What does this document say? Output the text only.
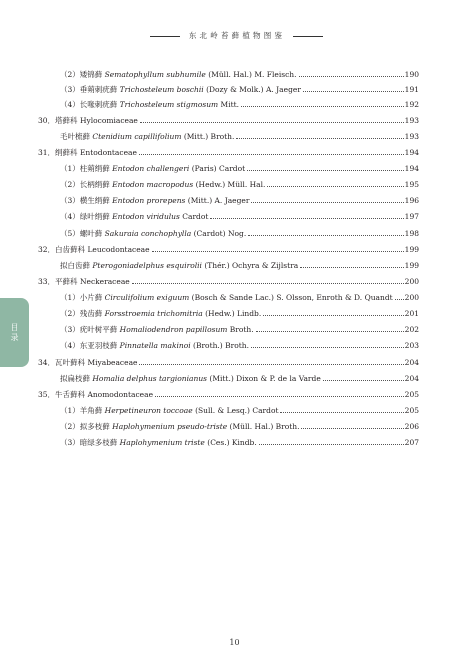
东北岭苔藓植物图鉴
目录
（2）矮锦藓 Sematophyllum subhumile (Müll. Hal.) M. Fleisch.	190
（3）垂蒴刺疣藓 Trichosteleum boschii (Dozy & Molk.) A. Jaeger	191
（4）长喙刺疣藓 Trichosteleum stigmosum Mitt.	192
30．塔藓科 Hylocomiaceae	193
毛叶梳藓 Ctenidium capillifolium (Mitt.) Broth.	193
31．绢藓科 Entodontaceae	194
（1）柱蒴绢藓 Entodon challengeri (Paris) Cardot	194
（2）长柄绢藓 Entodon macropodus (Hedw.) Müll. Hal.	195
（3）横生绢藓 Entodon prorepens (Mitt.) A. Jaeger	196
（4）绿叶绢藓 Entodon viridulus Cardot	197
（5）螺叶藓 Sakuraia conchophylla (Cardot) Nog.	198
32．白齿藓科 Leucodontaceae	199
拟白齿藓 Pterogoniadelphus esquirolii (Thér.) Ochyra & Zijlstra	199
33．平藓科 Neckeraceae	200
（1）小片藓 Circulifolium exiguum (Bosch & Sande Lac.) S. Olsson, Enroth & D. Quandt 200
（2）残齿藓 Forsstroemia trichomitria (Hedw.) Lindb.	201
（3）疣叶树平藓 Homaliodendron papillosum Broth.	202
（4）东亚羽枝藓 Pinnatella makinoi (Broth.) Broth.	203
34．瓦叶藓科 Miyabeaceae	204
拟扁枝藓 Homalia delphus targionianus (Mitt.) Dixon & P. de la Varde	204
35．牛舌藓科 Anomodontaceae	205
（1）羊角藓 Herpetineuron toccoae (Sull. & Lesq.) Cardot	205
（2）拟多枝藓 Haplohymenium pseudo-triste (Müll. Hal.) Broth.	206
（3）暗绿多枝藓 Haplohymenium triste (Ces.) Kindb.	207
10
